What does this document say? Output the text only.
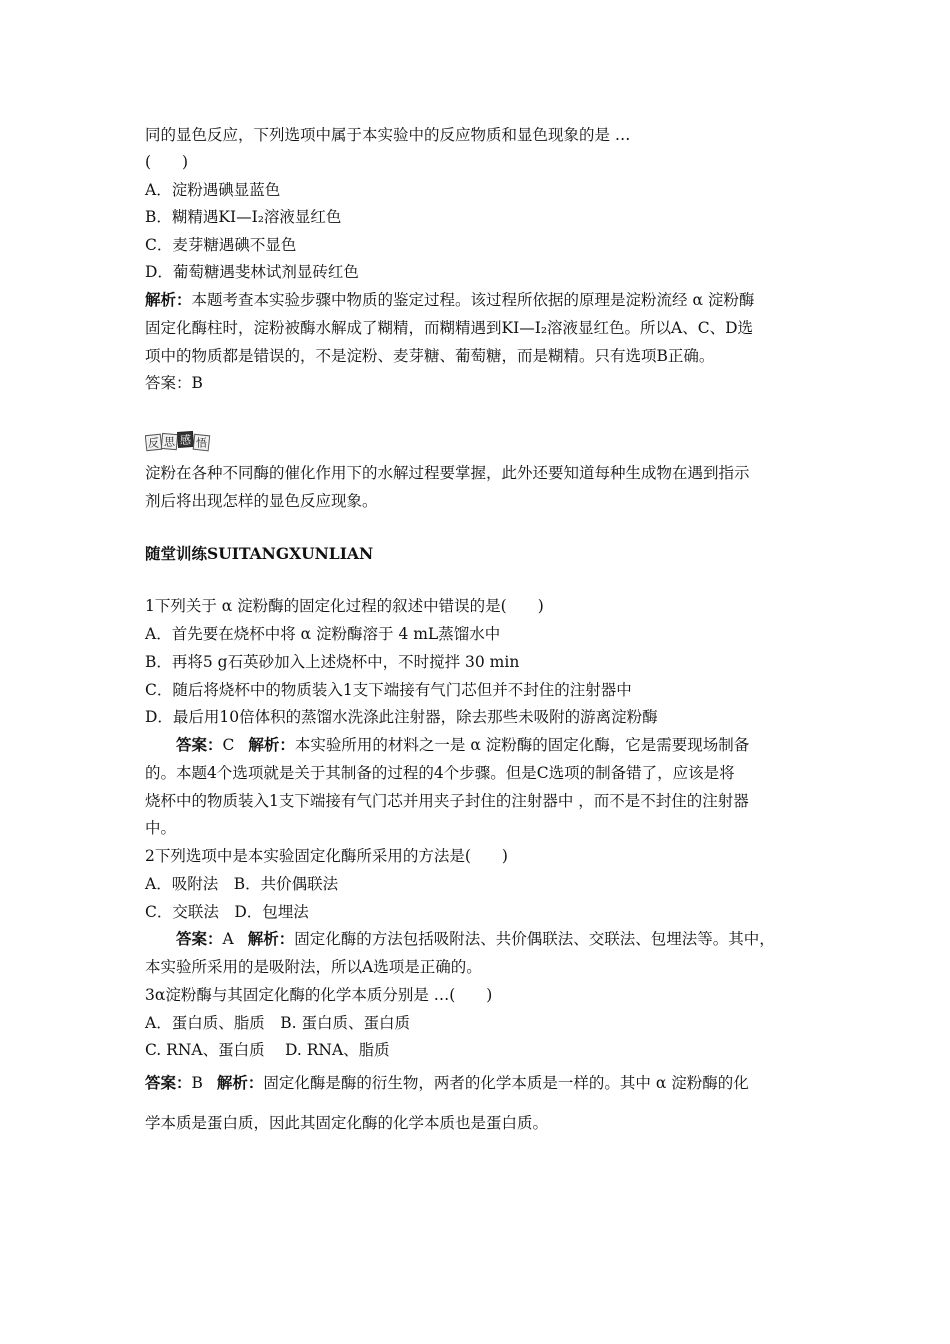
同的显色反应，下列选项中属于本实验中的反应物质和显色现象的是 …
(　　)
A．淀粉遇碘显蓝色
B．糊精遇KI—I₂溶液显红色
C．麦芽糖遇碘不显色
D．葡萄糖遇斐林试剂显砖红色
解析：本题考查本实验步骤中物质的鉴定过程。该过程所依据的原理是淀粉流经 α 淀粉酶
固定化酶柱时，淀粉被酶水解成了糊精，而糊精遇到KI—I₂溶液显红色。所以A、C、D选
项中的物质都是错误的，不是淀粉、麦芽糖、葡萄糖，而是糊精。只有选项B正确。
答案：B
反 思 感 悟
淀粉在各种不同酶的催化作用下的水解过程要掌握，此外还要知道每种生成物在遇到指示
剂后将出现怎样的显色反应现象。
随堂训练SUITANGXUNLIAN
1下列关于 α 淀粉酶的固定化过程的叙述中错误的是(　　)
A．首先要在烧杯中将 α 淀粉酶溶于 4 mL蒸馏水中
B．再将5 g石英砂加入上述烧杯中，不时搅拌 30 min
C．随后将烧杯中的物质装入1支下端接有气门芯但并不封住的注射器中
D．最后用10倍体积的蒸馏水洗涤此注射器，除去那些未吸附的游离淀粉酶
答案：C 解析：本实验所用的材料之一是 α 淀粉酶的固定化酶，它是需要现场制备
的。本题4个选项就是关于其制备的过程的4个步骤。但是C选项的制备错了，应该是将
烧杯中的物质装入1支下端接有气门芯并用夹子封住的注射器中 ，而不是不封住的注射器
中。
2下列选项中是本实验固定化酶所采用的方法是(　　)
A．吸附法　B．共价偶联法
C．交联法　D．包埋法
答案：A 解析：固定化酶的方法包括吸附法、共价偶联法、交联法、包埋法等。其中，
本实验所采用的是吸附法，所以A选项是正确的。
3α淀粉酶与其固定化酶的化学本质分别是 …(　　)
A．蛋白质、脂质　B. 蛋白质、蛋白质
C. RNA、蛋白质　 D. RNA、脂质
答案：B 解析：固定化酶是酶的衍生物，两者的化学本质是一样的。其中 α 淀粉酶的化
学本质是蛋白质，因此其固定化酶的化学本质也是蛋白质。
